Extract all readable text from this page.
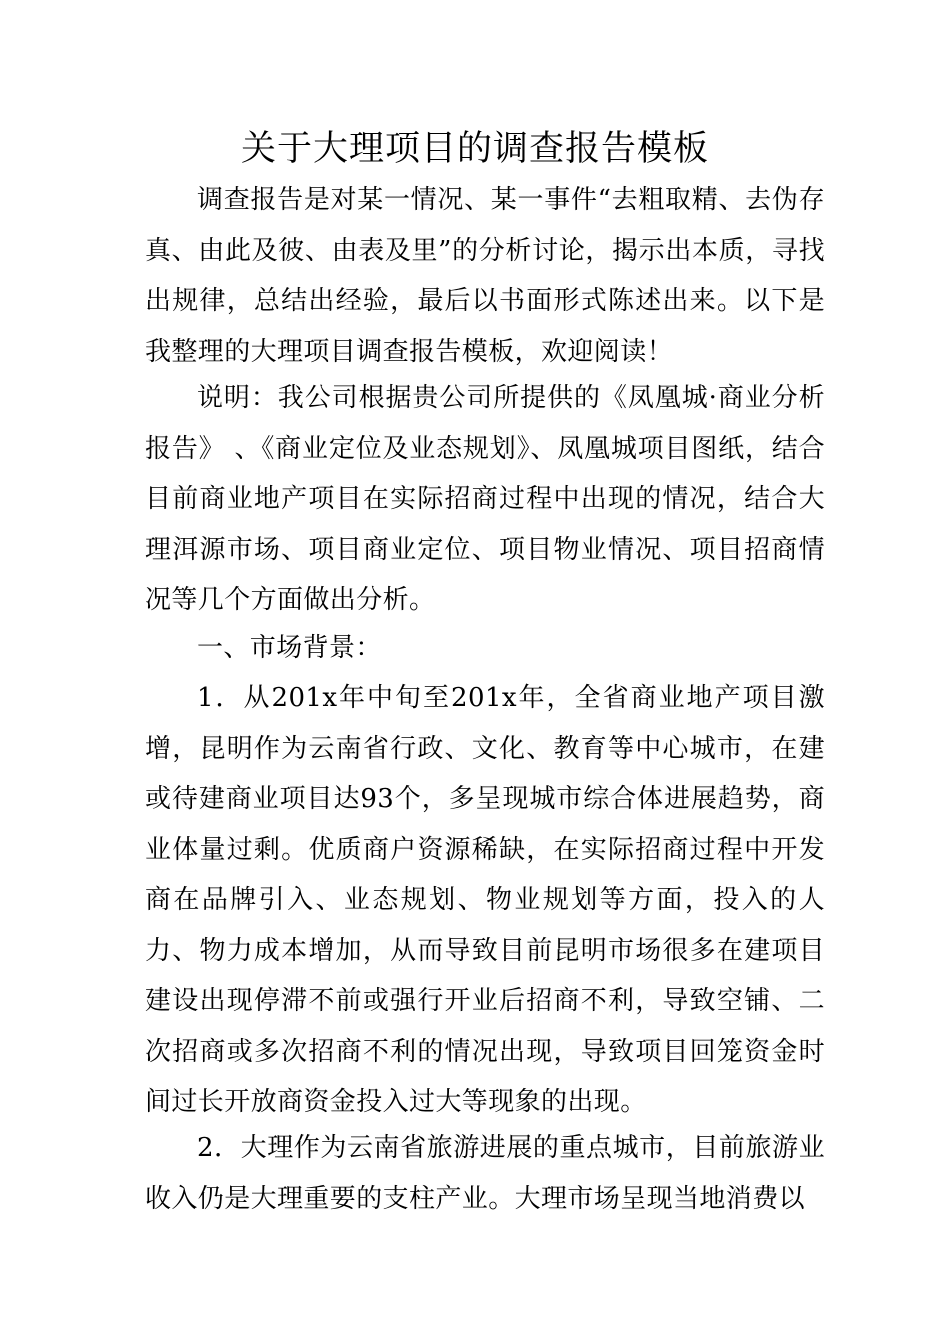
关于大理项目的调查报告模板

调查报告是对某一情况、某一事件“去粗取精、去伪存真、由此及彼、由表及里”的分析讨论，揭示出本质，寻找出规律，总结出经验，最后以书面形式陈述出来。以下是我整理的大理项目调查报告模板，欢迎阅读！

说明：我公司根据贵公司所提供的《凤凰城·商业分析报告》 、《商业定位及业态规划》、凤凰城项目图纸，结合目前商业地产项目在实际招商过程中出现的情况，结合大理洱源市场、项目商业定位、项目物业情况、项目招商情况等几个方面做出分析。

一、市场背景：

1．从201x年中旬至201x年，全省商业地产项目激增，昆明作为云南省行政、文化、教育等中心城市，在建或待建商业项目达93个，多呈现城市综合体进展趋势，商业体量过剩。优质商户资源稀缺，在实际招商过程中开发商在品牌引入、业态规划、物业规划等方面，投入的人力、物力成本增加，从而导致目前昆明市场很多在建项目建设出现停滞不前或强行开业后招商不利，导致空铺、二次招商或多次招商不利的情况出现，导致项目回笼资金时间过长开放商资金投入过大等现象的出现。

2．大理作为云南省旅游进展的重点城市，目前旅游业收入仍是大理重要的支柱产业。大理市场呈现当地消费以
